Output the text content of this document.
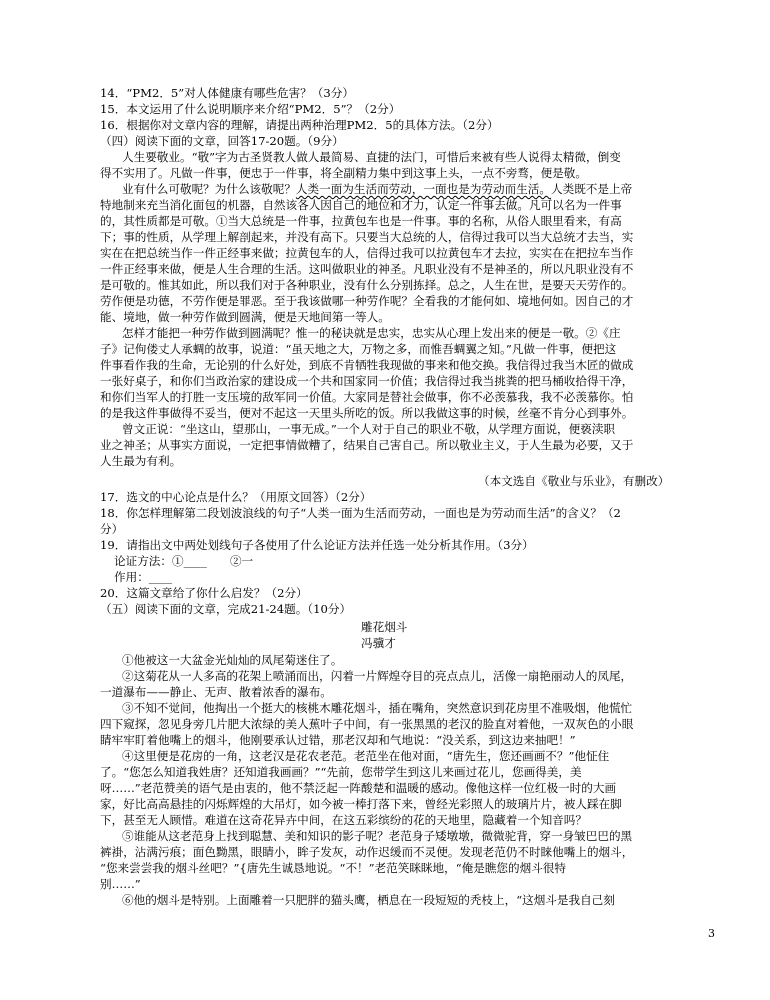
14．“PM2．5”对人体健康有哪些危害？（3分）
15．本文运用了什么说明顺序来介绍“PM2．5”？（2分）
16．根据你对文章内容的理解，请提出两种治理PM2．5的具体方法。（2分）
（四）阅读下面的文章，回答17-20题。（9分）
人生要敬业。“敬”字为古圣贤教人做人最简易、直捷的法门，可惜后来被有些人说得太精微，倒变
得不实用了。凡做一件事，便忠于一件事，将全副精力集中到这事上头，一点不旁骛，便是敬。
业有什么可敬呢？为什么该敬呢？人类一面为生活而劳动，一面也是为劳动而生活。人类既不是上帝
特地制来充当消化面包的机器，自然该各人因自己的地位和才力，认定一件事去做。凡可以名为一件事
的，其性质都是可敬。①当大总统是一件事，拉黄包车也是一件事。事的名称，从俗人眼里看来，有高
下；事的性质，从学理上解剖起来，并没有高下。只要当大总统的人，信得过我可以当大总统才去当，实
实在在把总统当作一件正经事来做；拉黄包车的人，信得过我可以拉黄包车才去拉，实实在在把拉车当作
一件正经事来做，便是人生合理的生活。这叫做职业的神圣。凡职业没有不是神圣的，所以凡职业没有不
是可敬的。惟其如此，所以我们对于各种职业，没有什么分别拣择。总之，人生在世，是要天天劳作的。
劳作便是功德，不劳作便是罪恶。至于我该做哪一种劳作呢？全看我的才能何如、境地何如。因自己的才
能、境地，做一种劳作做到圆满，便是天地间第一等人。
怎样才能把一种劳作做到圆满呢？惟一的秘诀就是忠实，忠实从心理上发出来的便是一敬。②《庄
子》记佝偻丈人承蜩的故事，说道：“虽天地之大，万物之多，而惟吾蜩翼之知。”凡做一件事，便把这
件事看作我的生命，无论别的什么好处，到底不肯牺牲我现做的事来和他交换。我信得过我当木匠的做成
一张好桌子，和你们当政治家的建设成一个共和国家同一价值；我信得过我当挑粪的把马桶收拾得干净，
和你们当军人的打胜一支压境的敌军同一价值。大家同是替社会做事，你不必羡慕我，我不必羡慕你。怕
的是我这件事做得不妥当，便对不起这一天里头所吃的饭。所以我做这事的时候，丝毫不肯分心到事外。
曾文正说：“坐这山，望那山，一事无成。”一个人对于自己的职业不敬，从学理方面说，便亵渎职
业之神圣；从事实方面说，一定把事情做糟了，结果自己害自己。所以敬业主义，于人生最为必要，又于
人生最为有利。
（本文选自《敬业与乐业》，有删改）
17．选文的中心论点是什么？（用原文回答）（2分）
18．你怎样理解第二段划波浪线的句子“人类一面为生活而劳动，一面也是为劳动而生活”的含义？（2
分）
19．请指出文中两处划线句子各使用了什么论证方法并任选一处分析其作用。（3分）
论证方法：①____　　②一
作用：____
20．这篇文章给了你什么启发？（2分）
（五）阅读下面的文章，完成21-24题。（10分）
雕花烟斗
冯骥才
①他被这一大盆金光灿灿的凤尾菊迷住了。
②这菊花从一人多高的花架上喷涌而出，闪着一片辉煌夺目的亮点点儿，活像一扇艳丽动人的凤尾，
一道瀑布——静止、无声、散着浓香的瀑布。
③不知不觉间，他掏出一个挺大的核桃木雕花烟斗，插在嘴角，突然意识到花房里不准吸烟，他慌忙
四下窥探，忽见身旁几片肥大浓绿的美人蕉叶子中间，有一张黑黑的老汉的脸直对着他，一双灰色的小眼
睛牢牢盯着他嘴上的烟斗，他刚要承认过错，那老汉却和气地说：“没关系，到这边来抽吧！”
④这里便是花房的一角，这老汉是花农老范。老范坐在他对面，“唐先生，您还画画不？”他怔住
了。“您怎么知道我姓唐？还知道我画画？”“先前，您带学生到这儿来画过花儿，您画得美，美
呀……”老范赞美的语气是由衷的，他不禁泛起一阵酸楚和温暖的感动。像他这样一位红极一时的大画
家，好比高高悬挂的闪烁辉煌的大吊灯，如今被一棒打落下来，曾经光彩照人的玻璃片片，被人踩在脚
下，甚至无人顾惜。难道在这奇花异卉中间，在这五彩缤纷的花的天地里，隐藏着一个知音吗？
⑤谁能从这老范身上找到聪慧、美和知识的影子呢？老范身子矮墩墩，微微驼背，穿一身皱巴巴的黑
裤褂，沾满污痕；面色黝黑，眼睛小，眸子发灰，动作迟缓而不灵便。发现老范仍不时睐他嘴上的烟斗，
“您来尝尝我的烟斗丝吧？”{唐先生诚恳地说。“不！”老范笑眯眯地，“俺是瞧您的烟斗很特
别……”
⑥他的烟斗是特别。上面雕着一只肥胖的猫头鹰，栖息在一段短短的秃枝上，“这烟斗是我自己刻
3
